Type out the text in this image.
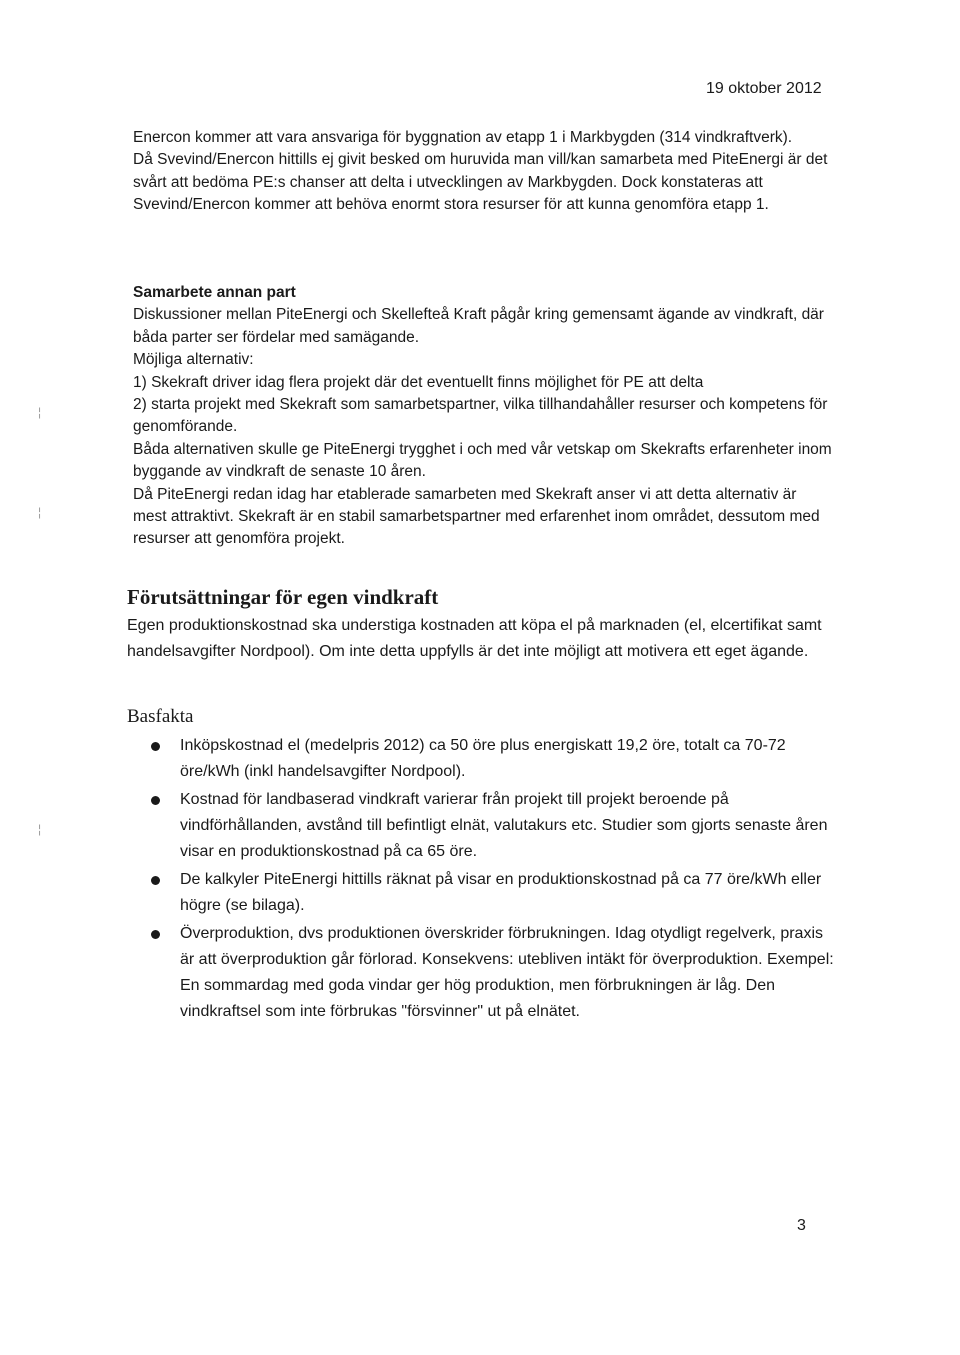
19 oktober 2012

Enercon kommer att vara ansvariga för byggnation av etapp 1 i Markbygden (314 vindkraftverk).

Då Svevind/Enercon hittills ej givit besked om huruvida man vill/kan samarbeta med PiteEnergi är det svårt att bedöma PE:s chanser att delta i utvecklingen av Markbygden. Dock konstateras att Svevind/Enercon kommer att behöva enormt stora resurser för att kunna genomföra etapp 1.

Samarbete annan part

Diskussioner mellan PiteEnergi och Skellefteå Kraft pågår kring gemensamt ägande av vindkraft, där båda parter ser fördelar med samägande.

Möjliga alternativ:

1) Skekraft driver idag flera projekt där det eventuellt finns möjlighet för PE att delta

2) starta projekt med Skekraft som samarbetspartner, vilka tillhandahåller resurser och kompetens för genomförande.

Båda alternativen skulle ge PiteEnergi trygghet i och med vår vetskap om Skekrafts erfarenheter inom byggande av vindkraft de senaste 10 åren.

Då PiteEnergi redan idag har etablerade samarbeten med Skekraft anser vi att detta alternativ är mest attraktivt. Skekraft är en stabil samarbetspartner med erfarenhet inom området, dessutom med resurser att genomföra projekt.

Förutsättningar för egen vindkraft

Egen produktionskostnad ska understiga kostnaden att köpa el på marknaden (el, elcertifikat samt handelsavgifter Nordpool). Om inte detta uppfylls är det inte möjligt att motivera ett eget ägande.

Basfakta
Inköpskostnad el (medelpris 2012) ca 50 öre plus energiskatt 19,2 öre, totalt ca 70-72 öre/kWh (inkl handelsavgifter Nordpool).
Kostnad för landbaserad vindkraft varierar från projekt till projekt beroende på vindförhållanden, avstånd till befintligt elnät, valutakurs etc. Studier som gjorts senaste åren visar en produktionskostnad på ca 65 öre.
De kalkyler PiteEnergi hittills räknat på visar en produktionskostnad på ca 77 öre/kWh eller högre (se bilaga).
Överproduktion, dvs produktionen överskrider förbrukningen. Idag otydligt regelverk, praxis är att överproduktion går förlorad. Konsekvens: utebliven intäkt för överproduktion. Exempel: En sommardag med goda vindar ger hög produktion, men förbrukningen är låg. Den vindkraftsel som inte förbrukas "försvinner" ut på elnätet.
3
¦
¦
¦
